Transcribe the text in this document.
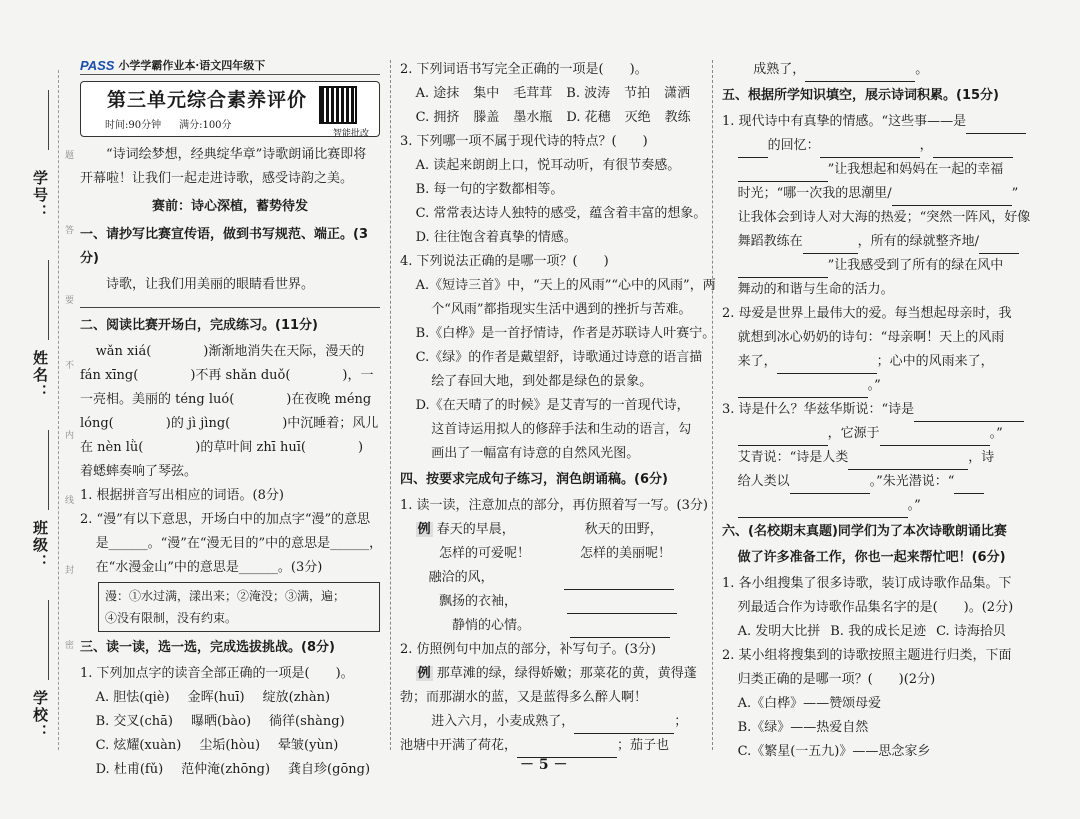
学号：
姓名：
班级：
学校：
题
答
要
不
内
线
封
密
PASS 小学学霸作业本·语文四年级下
第三单元综合素养评价
时间:90分钟 满分:100分
智能批改

“诗词绘梦想，经典绽华章”诗歌朗诵比赛即将

开幕啦！让我们一起走进诗歌，感受诗韵之美。

赛前：诗心深植，蓄势待发
一、请抄写比赛宣传语，做到书写规范、端正。(3分)

诗歌，让我们用美丽的眼睛看世界。

二、阅读比赛开场白，完成练习。(11分)

wǎn xiá(　　　　)渐渐地消失在天际，漫天的

fán xīng(　　　　)不再 shǎn duǒ(　　　　)，一

一亮相。美丽的 téng luó(　　　　)在夜晚 méng

lóng(　　　　)的 jì jìng(　　　　)中沉睡着；风儿

在 nèn lǜ(　　　　)的草叶间 zhī huī(　　　　)

着蟋蟀奏响了琴弦。

1. 根据拼音写出相应的词语。(8分)

2. “漫”有以下意思，开场白中的加点字“漫”的意思

是______。“漫”在“漫无目的”中的意思是______，

在“水漫金山”中的意思是______。(3分)

漫：①水过满，漾出来；②淹没；③满，遍；
④没有限制，没有约束。
三、读一读，选一选，完成选拔挑战。(8分)

1. 下列加点字的读音全部正确的一项是(　　)。

A. 胆怯(qiè) 金晖(huī) 绽放(zhàn)
B. 交叉(chā) 曝晒(bào) 徜徉(shàng)
C. 炫耀(xuàn) 尘垢(hòu) 晕皱(yùn)
D. 杜甫(fǔ) 范仲淹(zhōng) 龚自珍(gōng)

2. 下列词语书写完全正确的一项是(　　)。

A. 途抹 集中 毛茸茸 B. 波涛 节拍 潇洒
C. 拥挤 滕盖 墨水瓶 D. 花穗 灭绝 教练

3. 下列哪一项不属于现代诗的特点？(　　)

A. 读起来朗朗上口，悦耳动听，有很节奏感。

B. 每一句的字数都相等。

C. 常常表达诗人独特的感受，蕴含着丰富的想象。

D. 往往饱含着真挚的情感。

4. 下列说法正确的是哪一项？(　　)

A.《短诗三首》中，“天上的风雨”“心中的风雨”，两

个“风雨”都指现实生活中遇到的挫折与苦难。

B.《白桦》是一首抒情诗，作者是苏联诗人叶赛宁。

C.《绿》的作者是戴望舒，诗歌通过诗意的语言描

绘了春回大地，到处都是绿色的景象。

D.《在天晴了的时候》是艾青写的一首现代诗，

这首诗运用拟人的修辞手法和生动的语言，勾

画出了一幅富有诗意的自然风光图。

四、按要求完成句子练习，润色朗诵稿。(6分)

1. 读一读，注意加点的部分，再仿照着写一写。(3分)

例 春天的早晨，	秋天的田野，

怎样的可爱呢！	怎样的美丽呢！

融洽的风，

飘扬的衣袖，

静悄的心情。

2. 仿照例句中加点的部分，补写句子。(3分)

例 那草滩的绿，绿得娇嫩；那菜花的黄，黄得蓬

勃；而那湖水的蓝，又是蓝得多么醉人啊！

进入六月，小麦成熟了，	；

池塘中开满了荷花，	；茄子也

成熟了，	。

五、根据所学知识填空，展示诗词积累。(15分)

1. 现代诗中有真挚的情感。“这些事——是

的回忆：	，

”让我想起和妈妈在一起的幸福

时光；“哪一次我的思潮里/	”

让我体会到诗人对大海的热爱；“突然一阵风，好像

舞蹈教练在	，所有的绿就整齐地/

”让我感受到了所有的绿在风中

舞动的和谐与生命的活力。

2. 母爱是世界上最伟大的爱。每当想起母亲时，我

就想到冰心奶奶的诗句：“母亲啊！天上的风雨

来了，	；心中的风雨来了，

。”

3. 诗是什么？华兹华斯说：“诗是

，它源于	。”

艾青说：“诗是人类	，诗

给人类以	。”朱光潜说：“

。”

六、(名校期末真题)同学们为了本次诗歌朗诵比赛
做了许多准备工作，你也一起来帮忙吧！(6分)

1. 各小组搜集了很多诗歌，装订成诗歌作品集。下

列最适合作为诗歌作品集名字的是(　　)。(2分)

A. 发明大比拼 B. 我的成长足迹 C. 诗海拾贝

2. 某小组将搜集到的诗歌按照主题进行归类，下面

归类正确的是哪一项？(　　)(2分)

A.《白桦》——赞颂母爱

B.《绿》——热爱自然

C.《繁星(一五九)》——思念家乡

－ 5 －
